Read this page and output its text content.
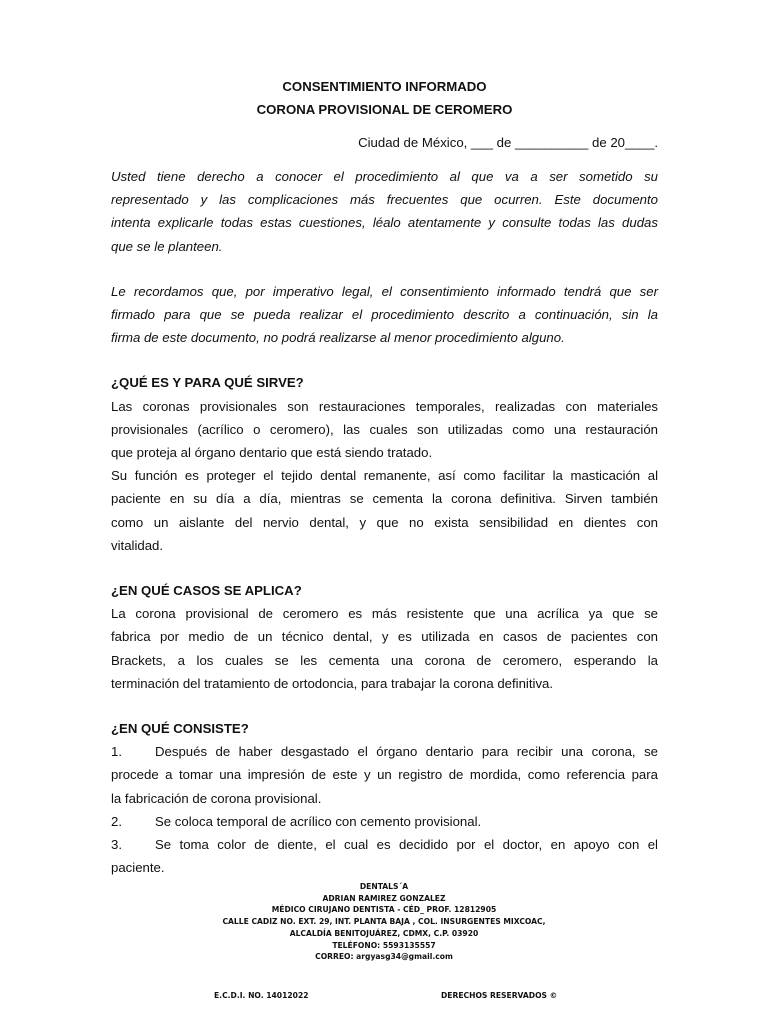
CONSENTIMIENTO INFORMADO
CORONA PROVISIONAL DE CEROMERO
Ciudad de México, ___ de __________ de 20____.

Usted tiene derecho a conocer el procedimiento al que va a ser sometido su

representado y las complicaciones más frecuentes que ocurren. Este documento

intenta explicarle todas estas cuestiones, léalo atentamente y consulte todas las dudas

que se le planteen.

Le recordamos que, por imperativo legal, el consentimiento informado tendrá que ser

firmado para que se pueda realizar el procedimiento descrito a continuación, sin la

firma de este documento, no podrá realizarse al menor procedimiento alguno.

¿QUÉ ES Y PARA QUÉ SIRVE?

Las coronas provisionales son restauraciones temporales, realizadas con materiales

provisionales (acrílico o ceromero), las cuales son utilizadas como una restauración

que proteja al órgano dentario que está siendo tratado.

Su función es proteger el tejido dental remanente, así como facilitar la masticación al

paciente en su día a día, mientras se cementa la corona definitiva. Sirven también

como un aislante del nervio dental, y que no exista sensibilidad en dientes con

vitalidad.

¿EN QUÉ CASOS SE APLICA?

La corona provisional de ceromero es más resistente que una acrílica ya que se

fabrica por medio de un técnico dental, y es utilizada en casos de pacientes con

Brackets, a los cuales se les cementa una corona de ceromero, esperando la

terminación del tratamiento de ortodoncia, para trabajar la corona definitiva.

¿EN QUÉ CONSISTE?

1.	Después de haber desgastado el órgano dentario para recibir una corona, se

procede a tomar una impresión de este y un registro de mordida, como referencia para

la fabricación de corona provisional.

2.	Se coloca temporal de acrílico con cemento provisional.

3.	Se toma color de diente, el cual es decidido por el doctor, en apoyo con el

paciente.

DENTALS´A
ADRIAN RAMIREZ GONZALEZ
MÉDICO CIRUJANO DENTISTA - CÉD_ PROF. 12812905
CALLE CADIZ NO. EXT. 29, INT. PLANTA BAJA , COL. INSURGENTES MIXCOAC,
ALCALDÍA BENITOJUÁREZ, CDMX, C.P. 03920
TELÉFONO: 5593135557
CORREO: argyasg34@gmail.com
E.C.D.I. NO. 14012022	DERECHOS RESERVADOS ©
